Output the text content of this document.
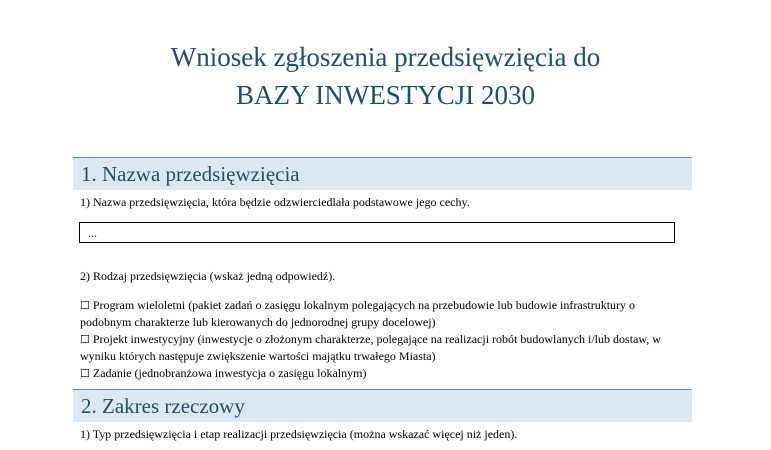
Wniosek zgłoszenia przedsięwzięcia do
BAZY INWESTYCJI 2030
1. Nazwa przedsięwzięcia
1) Nazwa przedsięwzięcia, która będzie odzwierciedlała podstawowe jego cechy.
...
2) Rodzaj przedsięwzięcia (wskaż jedną odpowiedź).
☐ Program wieloletni (pakiet zadań o zasięgu lokalnym polegających na przebudowie lub budowie infrastruktury o
podobnym charakterze lub kierowanych do jednorodnej grupy docelowej)
☐ Projekt inwestycyjny (inwestycje o złożonym charakterze, polegające na realizacji robót budowlanych i/lub dostaw, w
wyniku których następuje zwiększenie wartości majątku trwałego Miasta)
☐ Zadanie (jednobranżowa inwestycja o zasięgu lokalnym)
2. Zakres rzeczowy
1) Typ przedsięwzięcia i etap realizacji przedsięwzięcia (można wskazać więcej niż jeden).
